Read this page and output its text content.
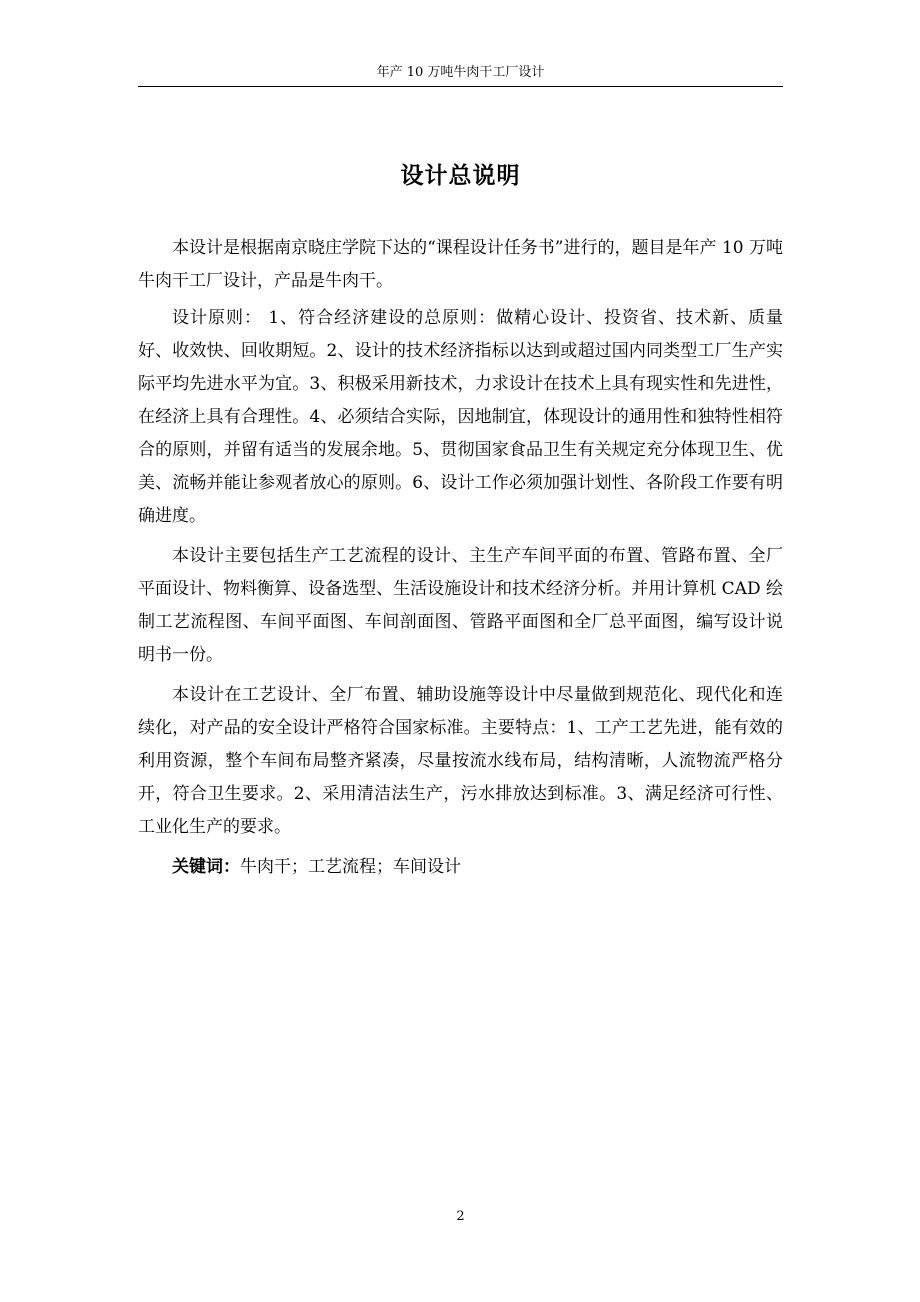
年产 10 万吨牛肉干工厂设计
设计总说明

本设计是根据南京晓庄学院下达的“课程设计任务书”进行的，题目是年产 10 万吨牛肉干工厂设计，产品是牛肉干。

设计原则： 1、符合经济建设的总原则：做精心设计、投资省、技术新、质量好、收效快、回收期短。2、设计的技术经济指标以达到或超过国内同类型工厂生产实际平均先进水平为宜。3、积极采用新技术，力求设计在技术上具有现实性和先进性，在经济上具有合理性。4、必须结合实际，因地制宜，体现设计的通用性和独特性相符合的原则，并留有适当的发展余地。5、贯彻国家食品卫生有关规定充分体现卫生、优美、流畅并能让参观者放心的原则。6、设计工作必须加强计划性、各阶段工作要有明确进度。

本设计主要包括生产工艺流程的设计、主生产车间平面的布置、管路布置、全厂平面设计、物料衡算、设备选型、生活设施设计和技术经济分析。并用计算机 CAD 绘制工艺流程图、车间平面图、车间剖面图、管路平面图和全厂总平面图，编写设计说明书一份。

本设计在工艺设计、全厂布置、辅助设施等设计中尽量做到规范化、现代化和连续化，对产品的安全设计严格符合国家标准。主要特点：1、工产工艺先进，能有效的利用资源，整个车间布局整齐紧凑，尽量按流水线布局，结构清晰，人流物流严格分开，符合卫生要求。2、采用清洁法生产，污水排放达到标准。3、满足经济可行性、工业化生产的要求。

关键词：牛肉干；工艺流程；车间设计

2
